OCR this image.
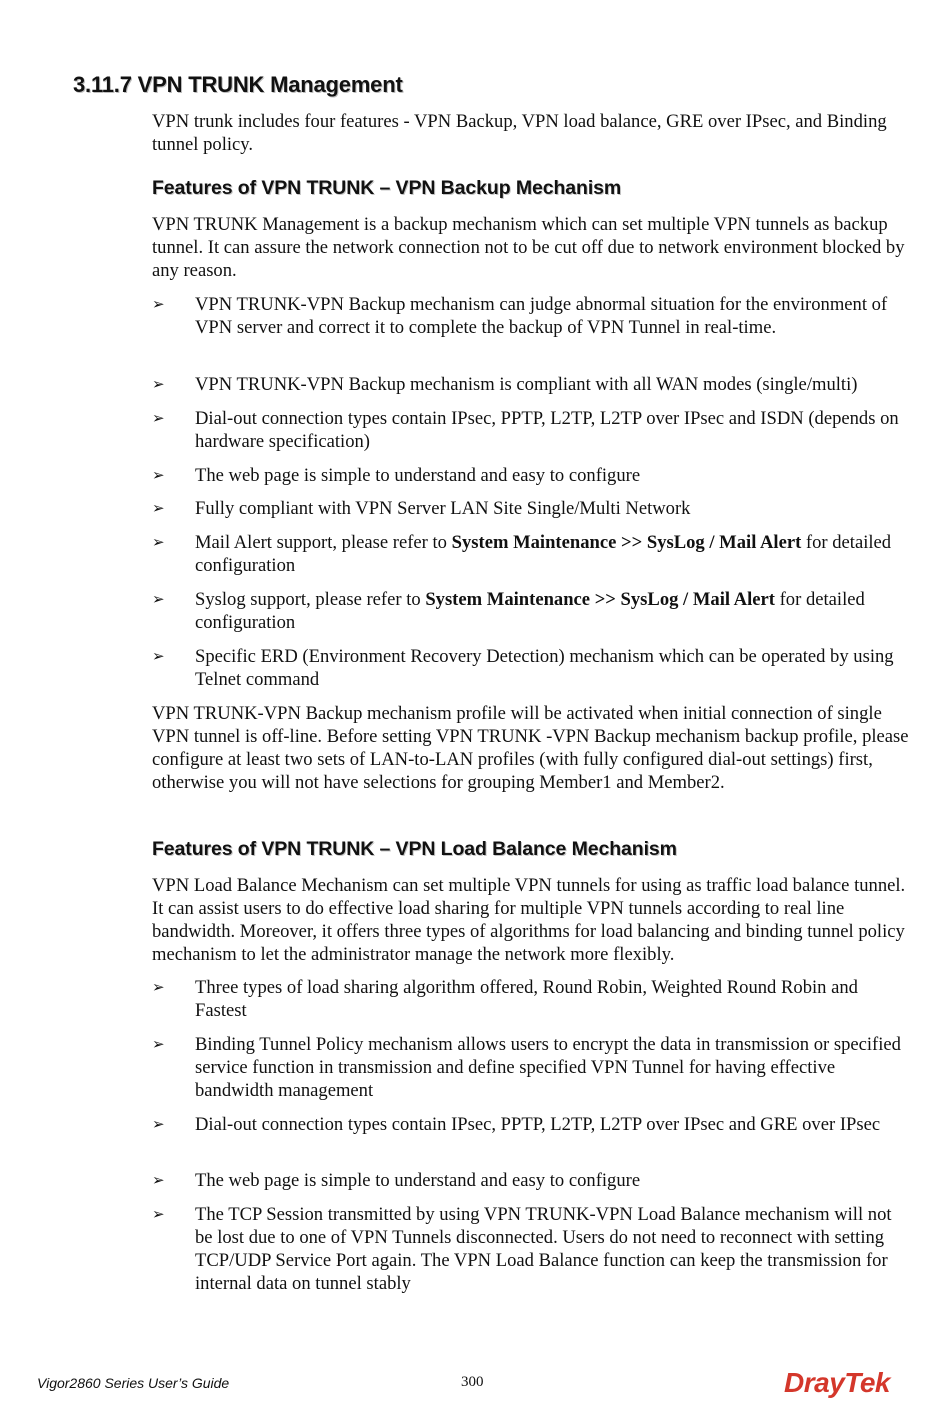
3.11.7 VPN TRUNK Management

VPN trunk includes four features - VPN Backup, VPN load balance, GRE over IPsec, and Binding tunnel policy.

Features of VPN TRUNK – VPN Backup Mechanism

VPN TRUNK Management is a backup mechanism which can set multiple VPN tunnels as backup tunnel. It can assure the network connection not to be cut off due to network environment blocked by any reason.

➢ VPN TRUNK-VPN Backup mechanism can judge abnormal situation for the environment of VPN server and correct it to complete the backup of VPN Tunnel in real-time.
➢ VPN TRUNK-VPN Backup mechanism is compliant with all WAN modes (single/multi)
➢ Dial-out connection types contain IPsec, PPTP, L2TP, L2TP over IPsec and ISDN (depends on hardware specification)
➢ The web page is simple to understand and easy to configure
➢ Fully compliant with VPN Server LAN Site Single/Multi Network
➢ Mail Alert support, please refer to System Maintenance >> SysLog / Mail Alert for detailed configuration
➢ Syslog support, please refer to System Maintenance >> SysLog / Mail Alert for detailed configuration
➢ Specific ERD (Environment Recovery Detection) mechanism which can be operated by using Telnet command

VPN TRUNK-VPN Backup mechanism profile will be activated when initial connection of single VPN tunnel is off-line. Before setting VPN TRUNK -VPN Backup mechanism backup profile, please configure at least two sets of LAN-to-LAN profiles (with fully configured dial-out settings) first, otherwise you will not have selections for grouping Member1 and Member2.

Features of VPN TRUNK – VPN Load Balance Mechanism

VPN Load Balance Mechanism can set multiple VPN tunnels for using as traffic load balance tunnel. It can assist users to do effective load sharing for multiple VPN tunnels according to real line bandwidth. Moreover, it offers three types of algorithms for load balancing and binding tunnel policy mechanism to let the administrator manage the network more flexibly.

➢ Three types of load sharing algorithm offered, Round Robin, Weighted Round Robin and Fastest
➢ Binding Tunnel Policy mechanism allows users to encrypt the data in transmission or specified service function in transmission and define specified VPN Tunnel for having effective bandwidth management
➢ Dial-out connection types contain IPsec, PPTP, L2TP, L2TP over IPsec and GRE over IPsec
➢ The web page is simple to understand and easy to configure
➢ The TCP Session transmitted by using VPN TRUNK-VPN Load Balance mechanism will not be lost due to one of VPN Tunnels disconnected. Users do not need to reconnect with setting TCP/UDP Service Port again. The VPN Load Balance function can keep the transmission for internal data on tunnel stably
Vigor2860 Series User’s Guide	300	DrayTek
